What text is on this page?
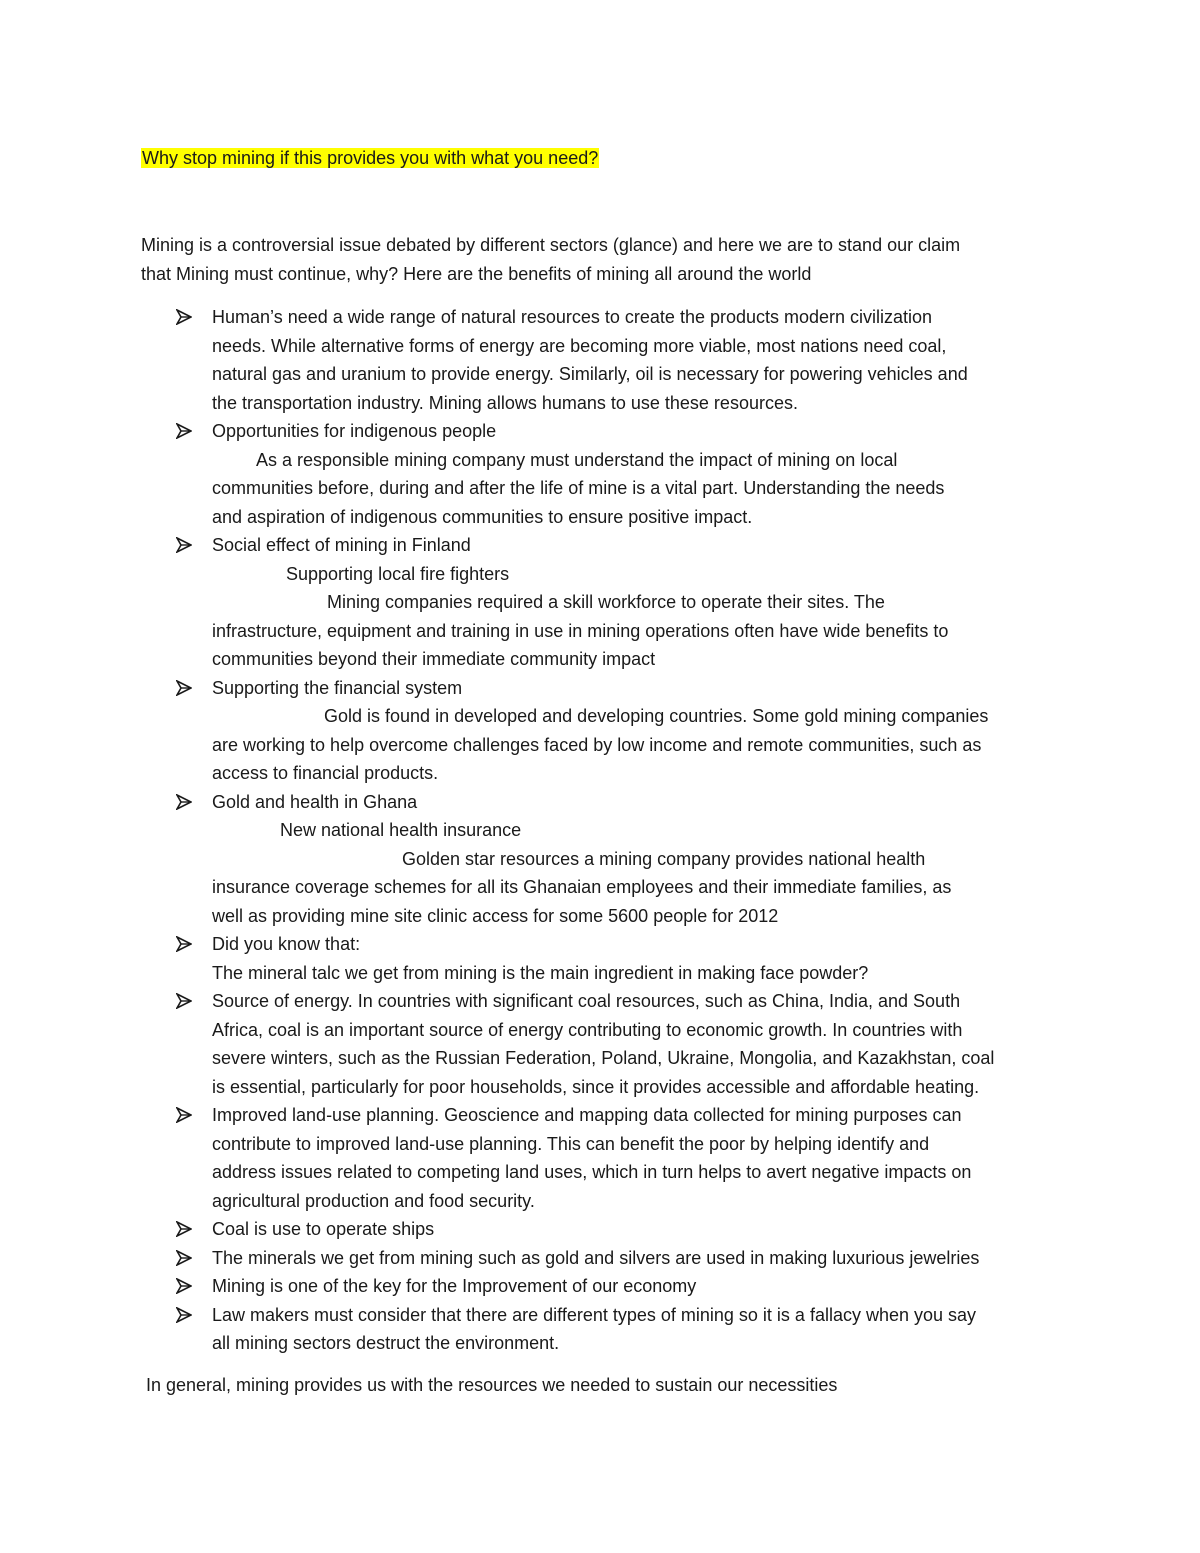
Why stop mining if this provides you with what you need?
Mining is a controversial issue debated by different sectors (glance) and here we are to stand our claim
that Mining must continue, why? Here are the benefits of mining all around the world
Human’s need a wide range of natural resources to create the products modern civilization
needs. While alternative forms of energy are becoming more viable, most nations need coal,
natural gas and uranium to provide energy. Similarly, oil is necessary for powering vehicles and
the transportation industry. Mining allows humans to use these resources.
Opportunities for indigenous people
As a responsible mining company must understand the impact of mining on local
communities before, during and after the life of mine is a vital part. Understanding the needs
and aspiration of indigenous communities to ensure positive impact.
Social effect of mining in Finland
Supporting local fire fighters
Mining companies required a skill workforce to operate their sites. The
infrastructure, equipment and training in use in mining operations often have wide benefits to
communities beyond their immediate community impact
Supporting the financial system
Gold is found in developed and developing countries. Some gold mining companies
are working to help overcome challenges faced by low income and remote communities, such as
access to financial products.
Gold and health in Ghana
New national health insurance
Golden star resources a mining company provides national health
insurance coverage schemes for all its Ghanaian employees and their immediate families, as
well as providing mine site clinic access for some 5600 people for 2012
Did you know that:
The mineral talc we get from mining is the main ingredient in making face powder?
Source of energy. In countries with significant coal resources, such as China, India, and South
Africa, coal is an important source of energy contributing to economic growth. In countries with
severe winters, such as the Russian Federation, Poland, Ukraine, Mongolia, and Kazakhstan, coal
is essential, particularly for poor households, since it provides accessible and affordable heating.
Improved land-use planning. Geoscience and mapping data collected for mining purposes can
contribute to improved land-use planning. This can benefit the poor by helping identify and
address issues related to competing land uses, which in turn helps to avert negative impacts on
agricultural production and food security.
Coal is use to operate ships
The minerals we get from mining such as gold and silvers are used in making luxurious jewelries
Mining is one of the key for the Improvement of our economy
Law makers must consider that there are different types of mining so it is a fallacy when you say
all mining sectors destruct the environment.
In general, mining provides us with the resources we needed to sustain our necessities
